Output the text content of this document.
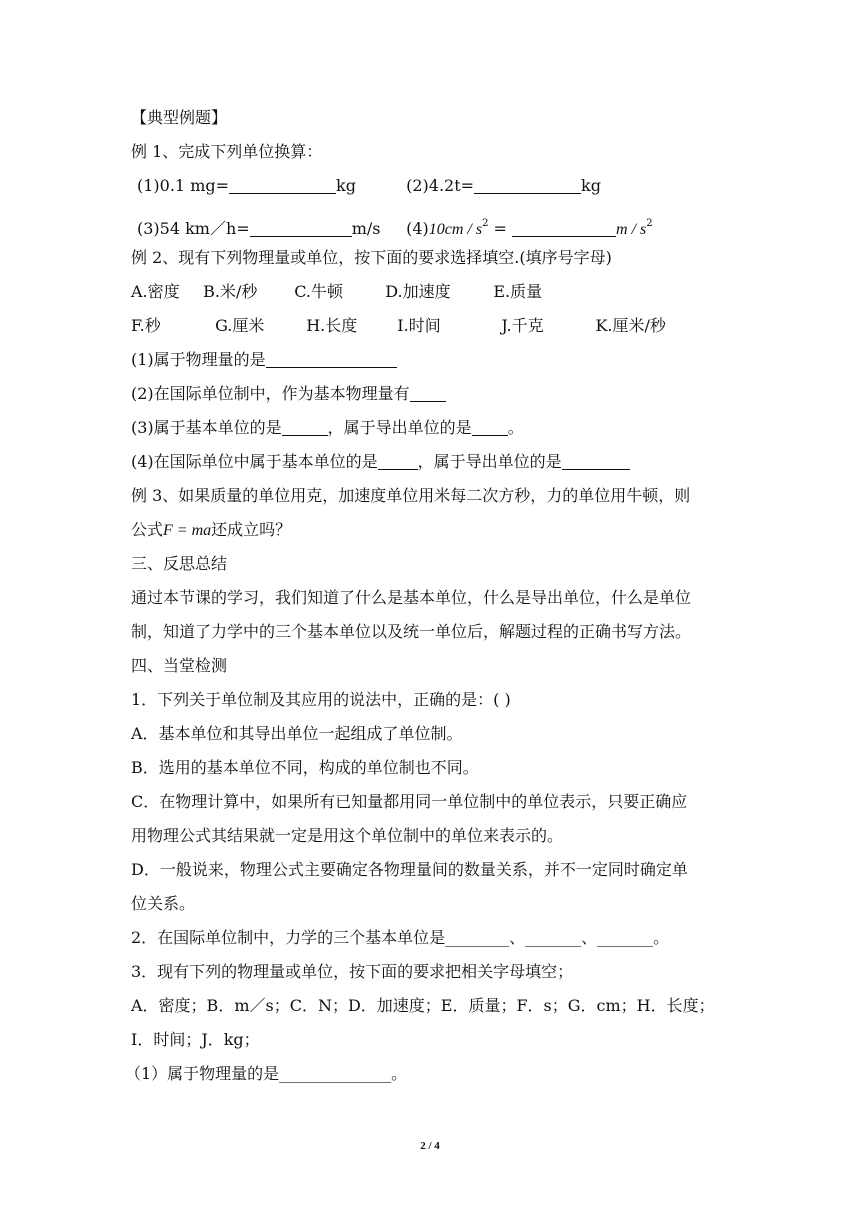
【典型例题】

例 1、完成下列单位换算：

(1)0.1 mg=	kg	(2)4.2t=	kg

(3)54 km／h=	m/s $(4)10cm / s^2$ =	m / $s^2$

例 2、现有下列物理量或单位，按下面的要求选择填空.(填序号字母)

A.密度 B.米/秒 C.牛顿	D.加速度	E.质量

F.秒	G.厘米	H.长度	I.时间	J.千克	K.厘米/秒

(1)属于物理量的是

(2)在国际单位制中，作为基本物理量有

(3)属于基本单位的是	，属于导出单位的是 。

(4)在国际单位中属于基本单位的是	，属于导出单位的是

例 3、如果质量的单位用克，加速度单位用米每二次方秒，力的单位用牛顿，则

公式F = ma还成立吗？

三、反思总结

通过本节课的学习，我们知道了什么是基本单位，什么是导出单位，什么是单位

制，知道了力学中的三个基本单位以及统一单位后，解题过程的正确书写方法。

四、当堂检测

1．下列关于单位制及其应用的说法中，正确的是：( )

A．基本单位和其导出单位一起组成了单位制。

B．选用的基本单位不同，构成的单位制也不同。

C．在物理计算中，如果所有已知量都用同一单位制中的单位表示，只要正确应

用物理公式其结果就一定是用这个单位制中的单位来表示的。

D．一般说来，物理公式主要确定各物理量间的数量关系，并不一定同时确定单

位关系。

2．在国际单位制中，力学的三个基本单位是________、_______、_______。

3．现有下列的物理量或单位，按下面的要求把相关字母填空；

A．密度；B．m／s；C．N；D．加速度；E．质量；F．s；G．cm；H．长度；

I．时间；J．kg；

（1）属于物理量的是______________。

2 / 4
